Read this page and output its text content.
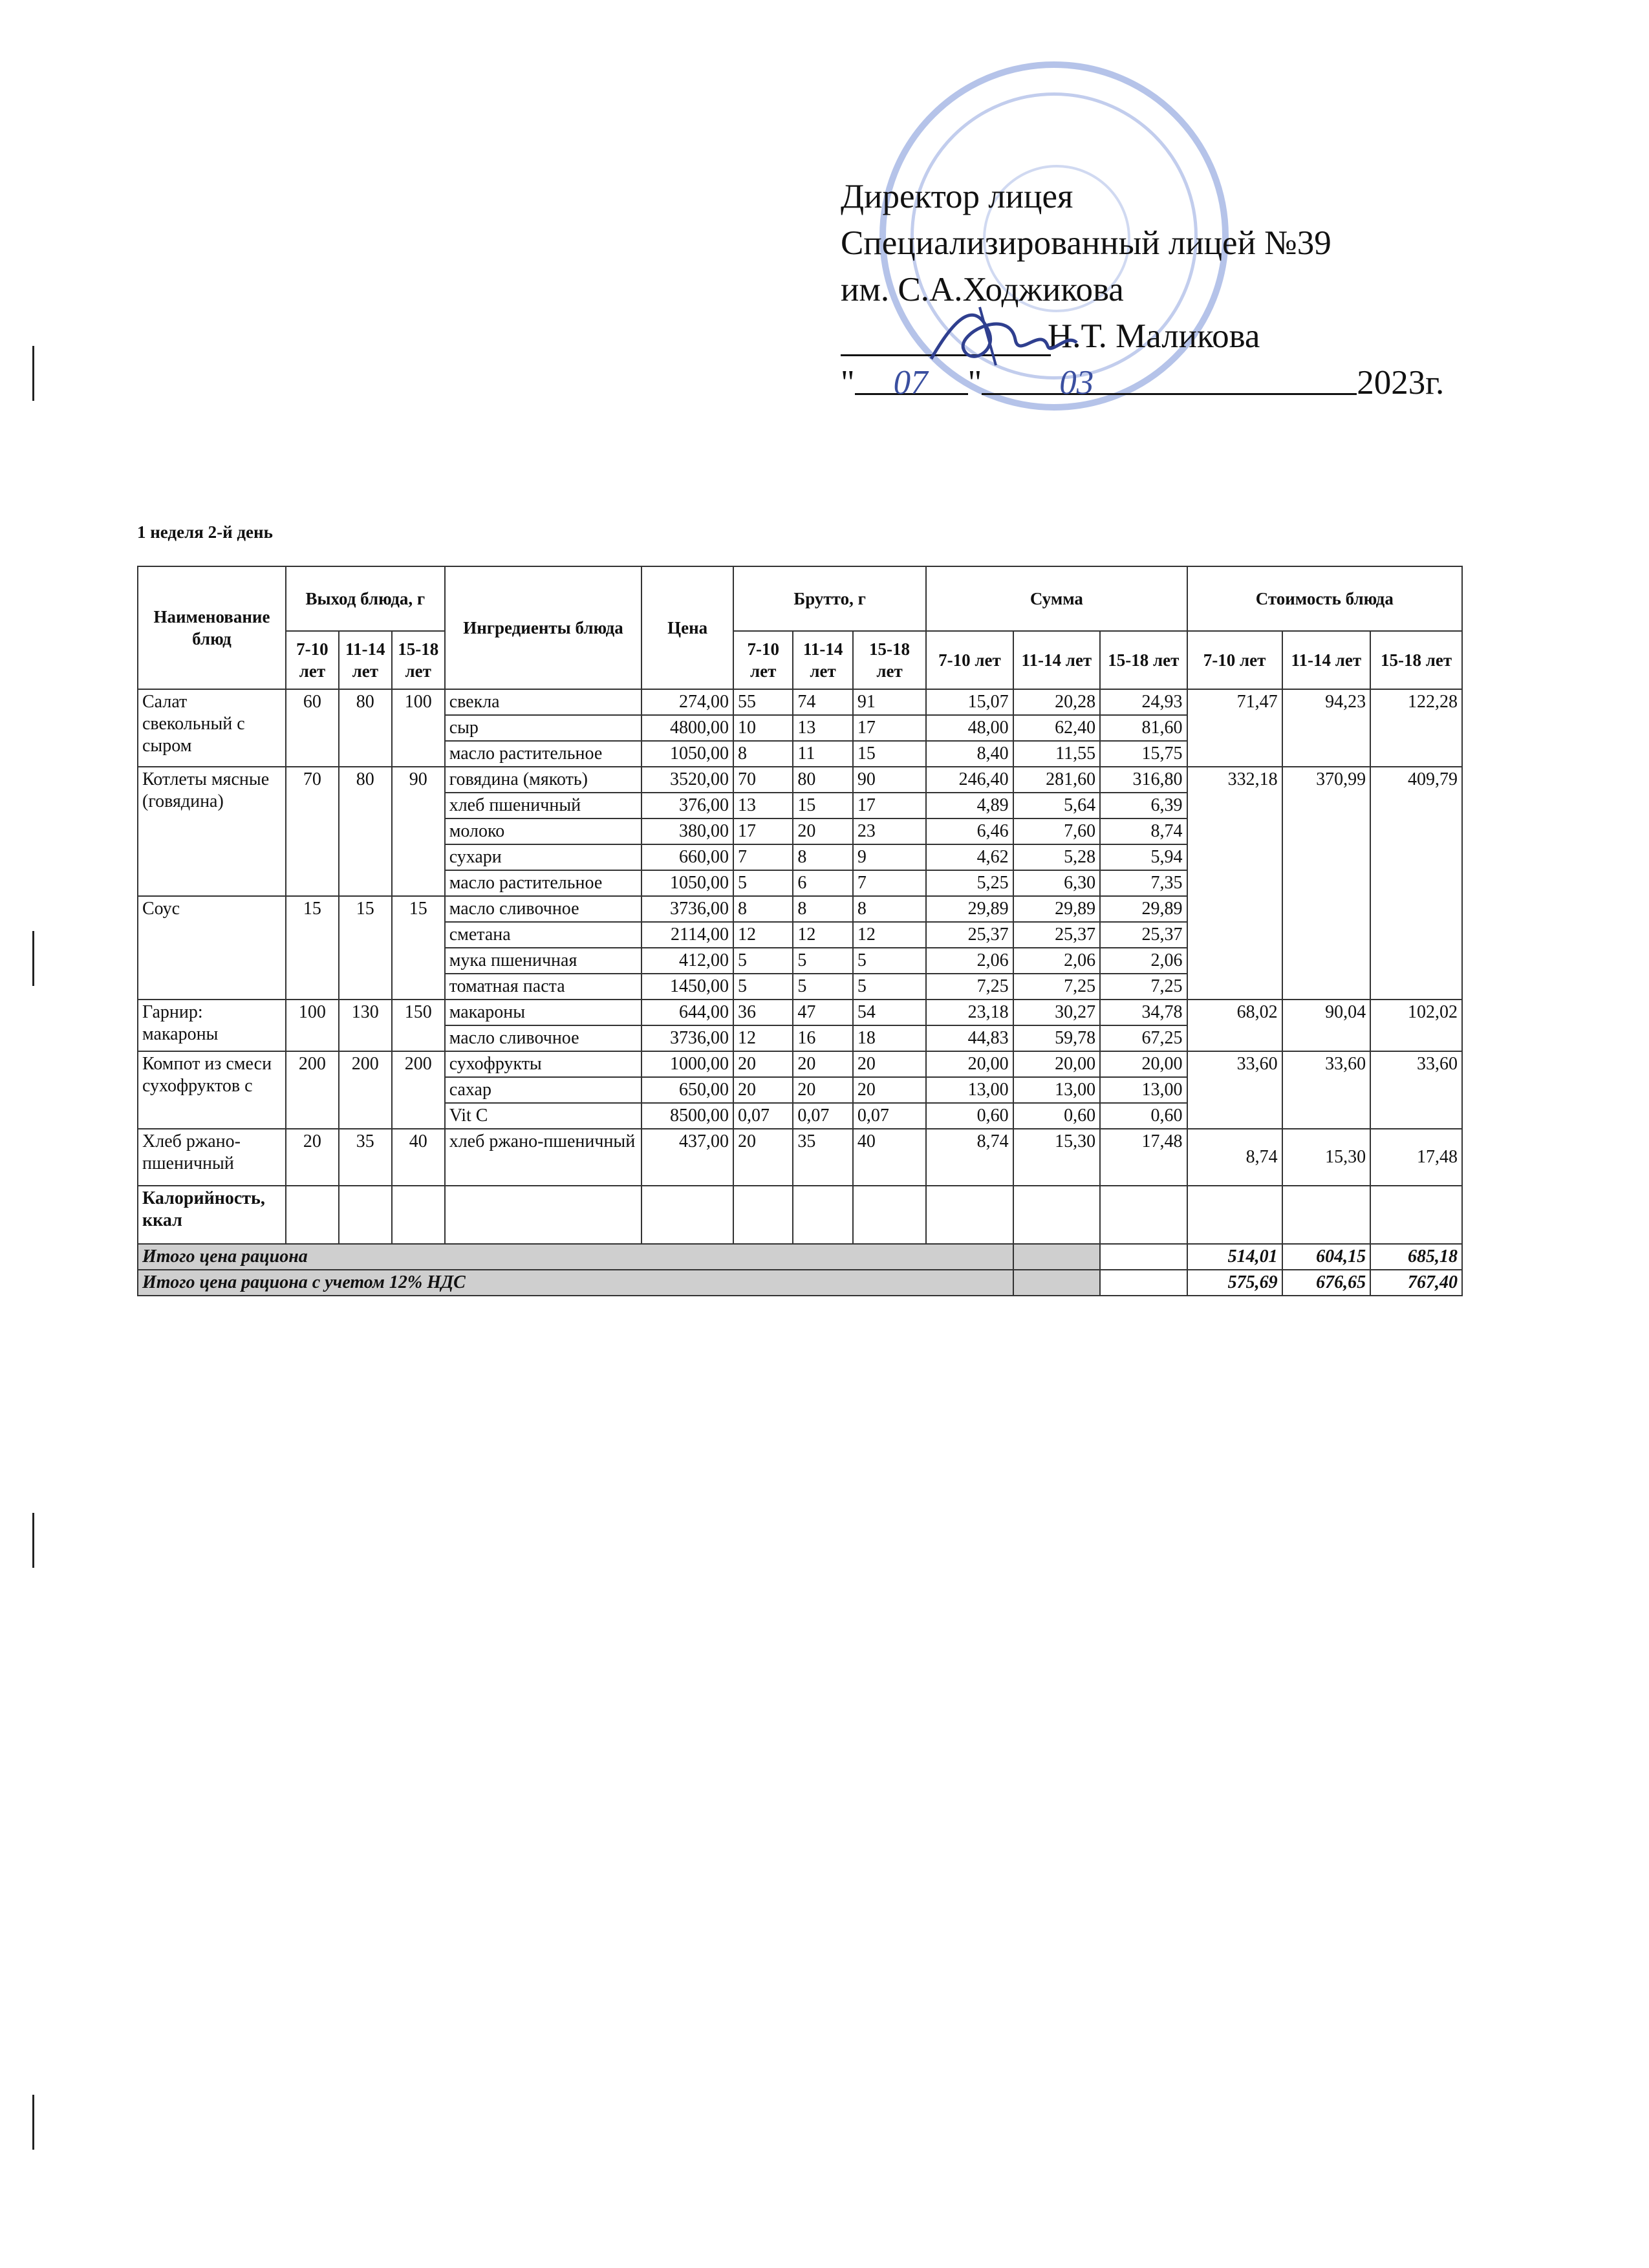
Директор лицея
Специализированный лицей №39
им. С.А.Ходжикова
Н.Т. Маликова
" 07 " 03	2023г.
1 неделя 2-й день
Наименование блюд	Выход блюда, г			Ингредиенты блюда	Цена	Брутто, г			Сумма			Стоимость блюда		
	7-10 лет	11-14 лет	15-18 лет			7-10 лет	11-14 лет	15-18 лет	7-10 лет	11-14 лет	15-18 лет	7-10 лет	11-14 лет	15-18 лет
Салат свекольный с сыром	60	80	100	свекла	274,00	55	74	91	15,07	20,28	24,93	71,47	94,23	122,28
				сыр	4800,00	10	13	17	48,00	62,40	81,60			
				масло растительное	1050,00	8	11	15	8,40	11,55	15,75			
Котлеты мясные (говядина)	70	80	90	говядина (мякоть)	3520,00	70	80	90	246,40	281,60	316,80	332,18	370,99	409,79
				хлеб пшеничный	376,00	13	15	17	4,89	5,64	6,39			
				молоко	380,00	17	20	23	6,46	7,60	8,74			
				сухари	660,00	7	8	9	4,62	5,28	5,94			
				масло растительное	1050,00	5	6	7	5,25	6,30	7,35			
Соус	15	15	15	масло сливочное	3736,00	8	8	8	29,89	29,89	29,89			
				сметана	2114,00	12	12	12	25,37	25,37	25,37			
				мука пшеничная	412,00	5	5	5	2,06	2,06	2,06			
				томатная паста	1450,00	5	5	5	7,25	7,25	7,25			
Гарнир: макароны	100	130	150	макароны	644,00	36	47	54	23,18	30,27	34,78	68,02	90,04	102,02
				масло сливочное	3736,00	12	16	18	44,83	59,78	67,25			
Компот из смеси сухофруктов с	200	200	200	сухофрукты	1000,00	20	20	20	20,00	20,00	20,00	33,60	33,60	33,60
				сахар	650,00	20	20	20	13,00	13,00	13,00			
				Vit C	8500,00	0,07	0,07	0,07	0,60	0,60	0,60			
Хлеб ржано-пшеничный	20	35	40	хлеб ржано-пшеничный	437,00	20	35	40	8,74	15,30	17,48	8,74	15,30	17,48
Калорийность, ккал														
Итого цена рациона												514,01	604,15	685,18
Итого цена рациона с учетом 12% НДС												575,69	676,65	767,40
